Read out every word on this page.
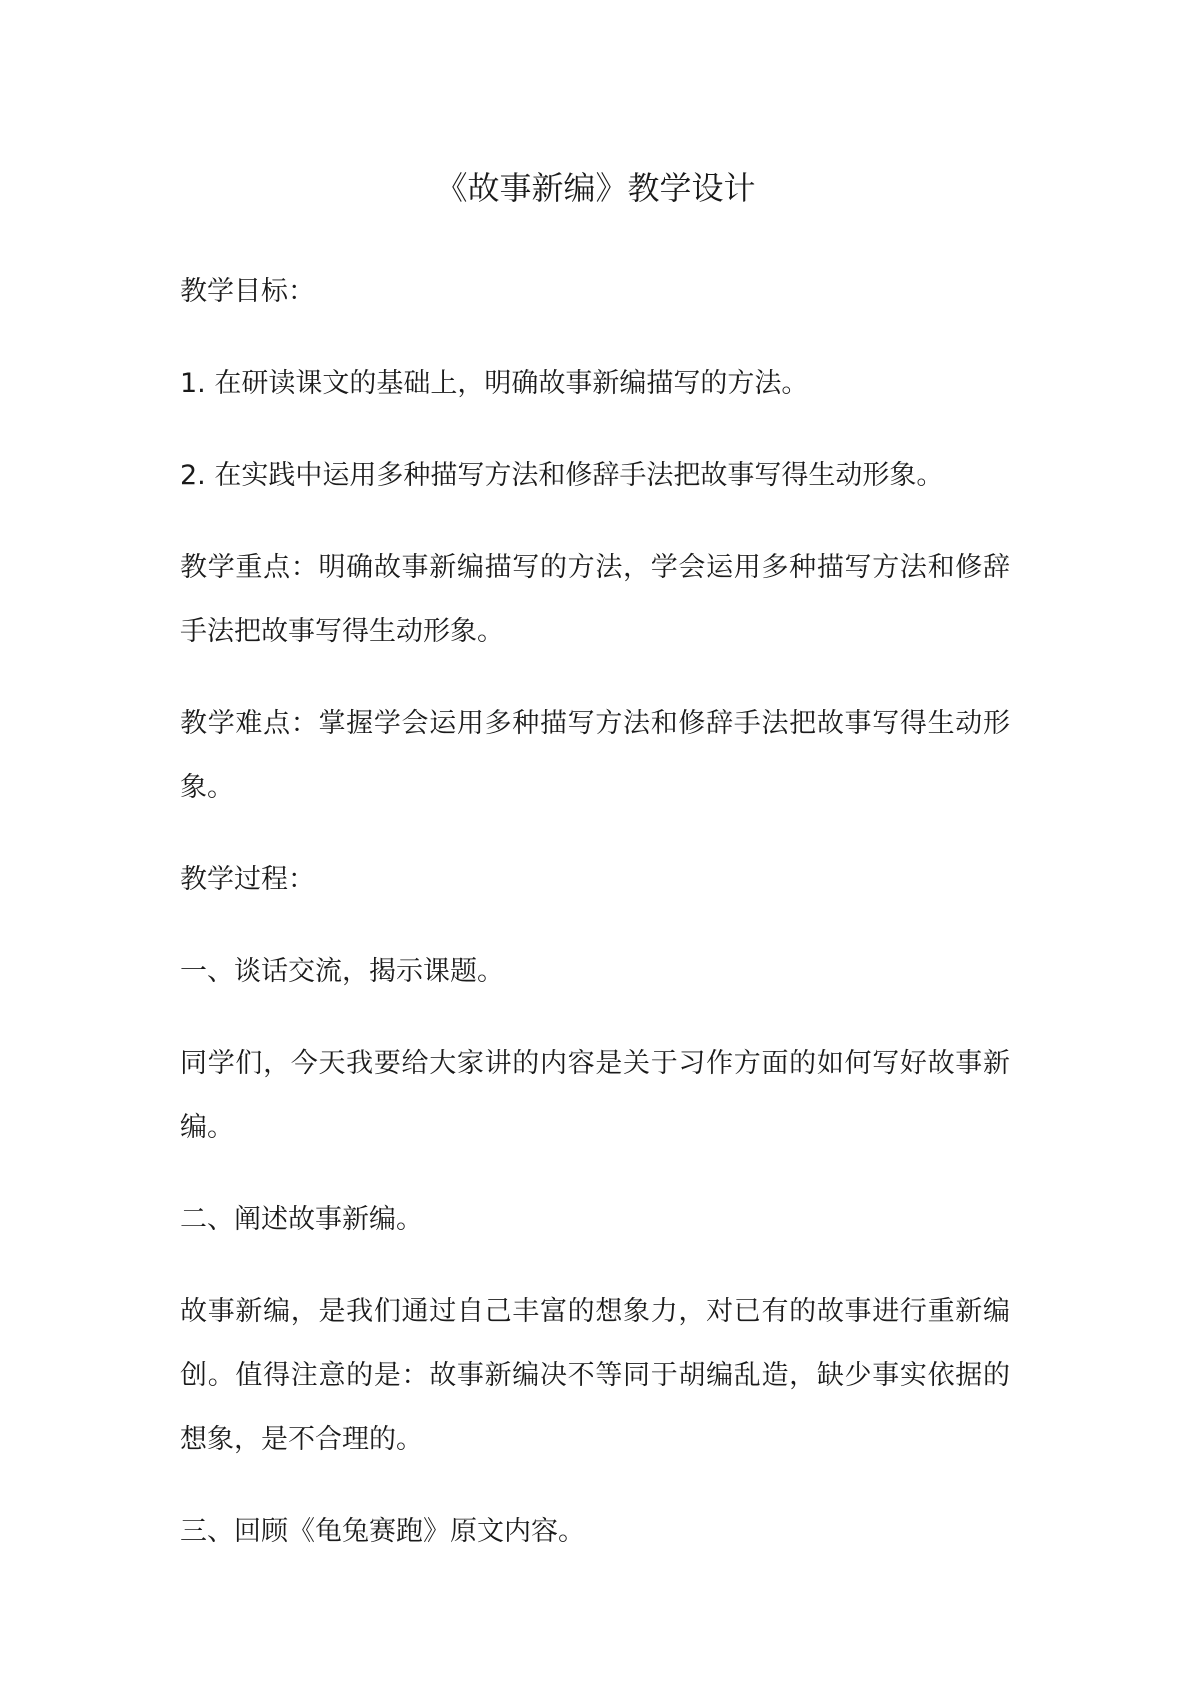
《故事新编》教学设计

教学目标：

1. 在研读课文的基础上，明确故事新编描写的方法。

2. 在实践中运用多种描写方法和修辞手法把故事写得生动形象。

教学重点：明确故事新编描写的方法，学会运用多种描写方法和修辞手法把故事写得生动形象。

教学难点：掌握学会运用多种描写方法和修辞手法把故事写得生动形象。

教学过程：

一、谈话交流，揭示课题。

同学们，今天我要给大家讲的内容是关于习作方面的如何写好故事新编。

二、阐述故事新编。

故事新编，是我们通过自己丰富的想象力，对已有的故事进行重新编创。值得注意的是：故事新编决不等同于胡编乱造，缺少事实依据的想象，是不合理的。

三、回顾《龟兔赛跑》原文内容。
